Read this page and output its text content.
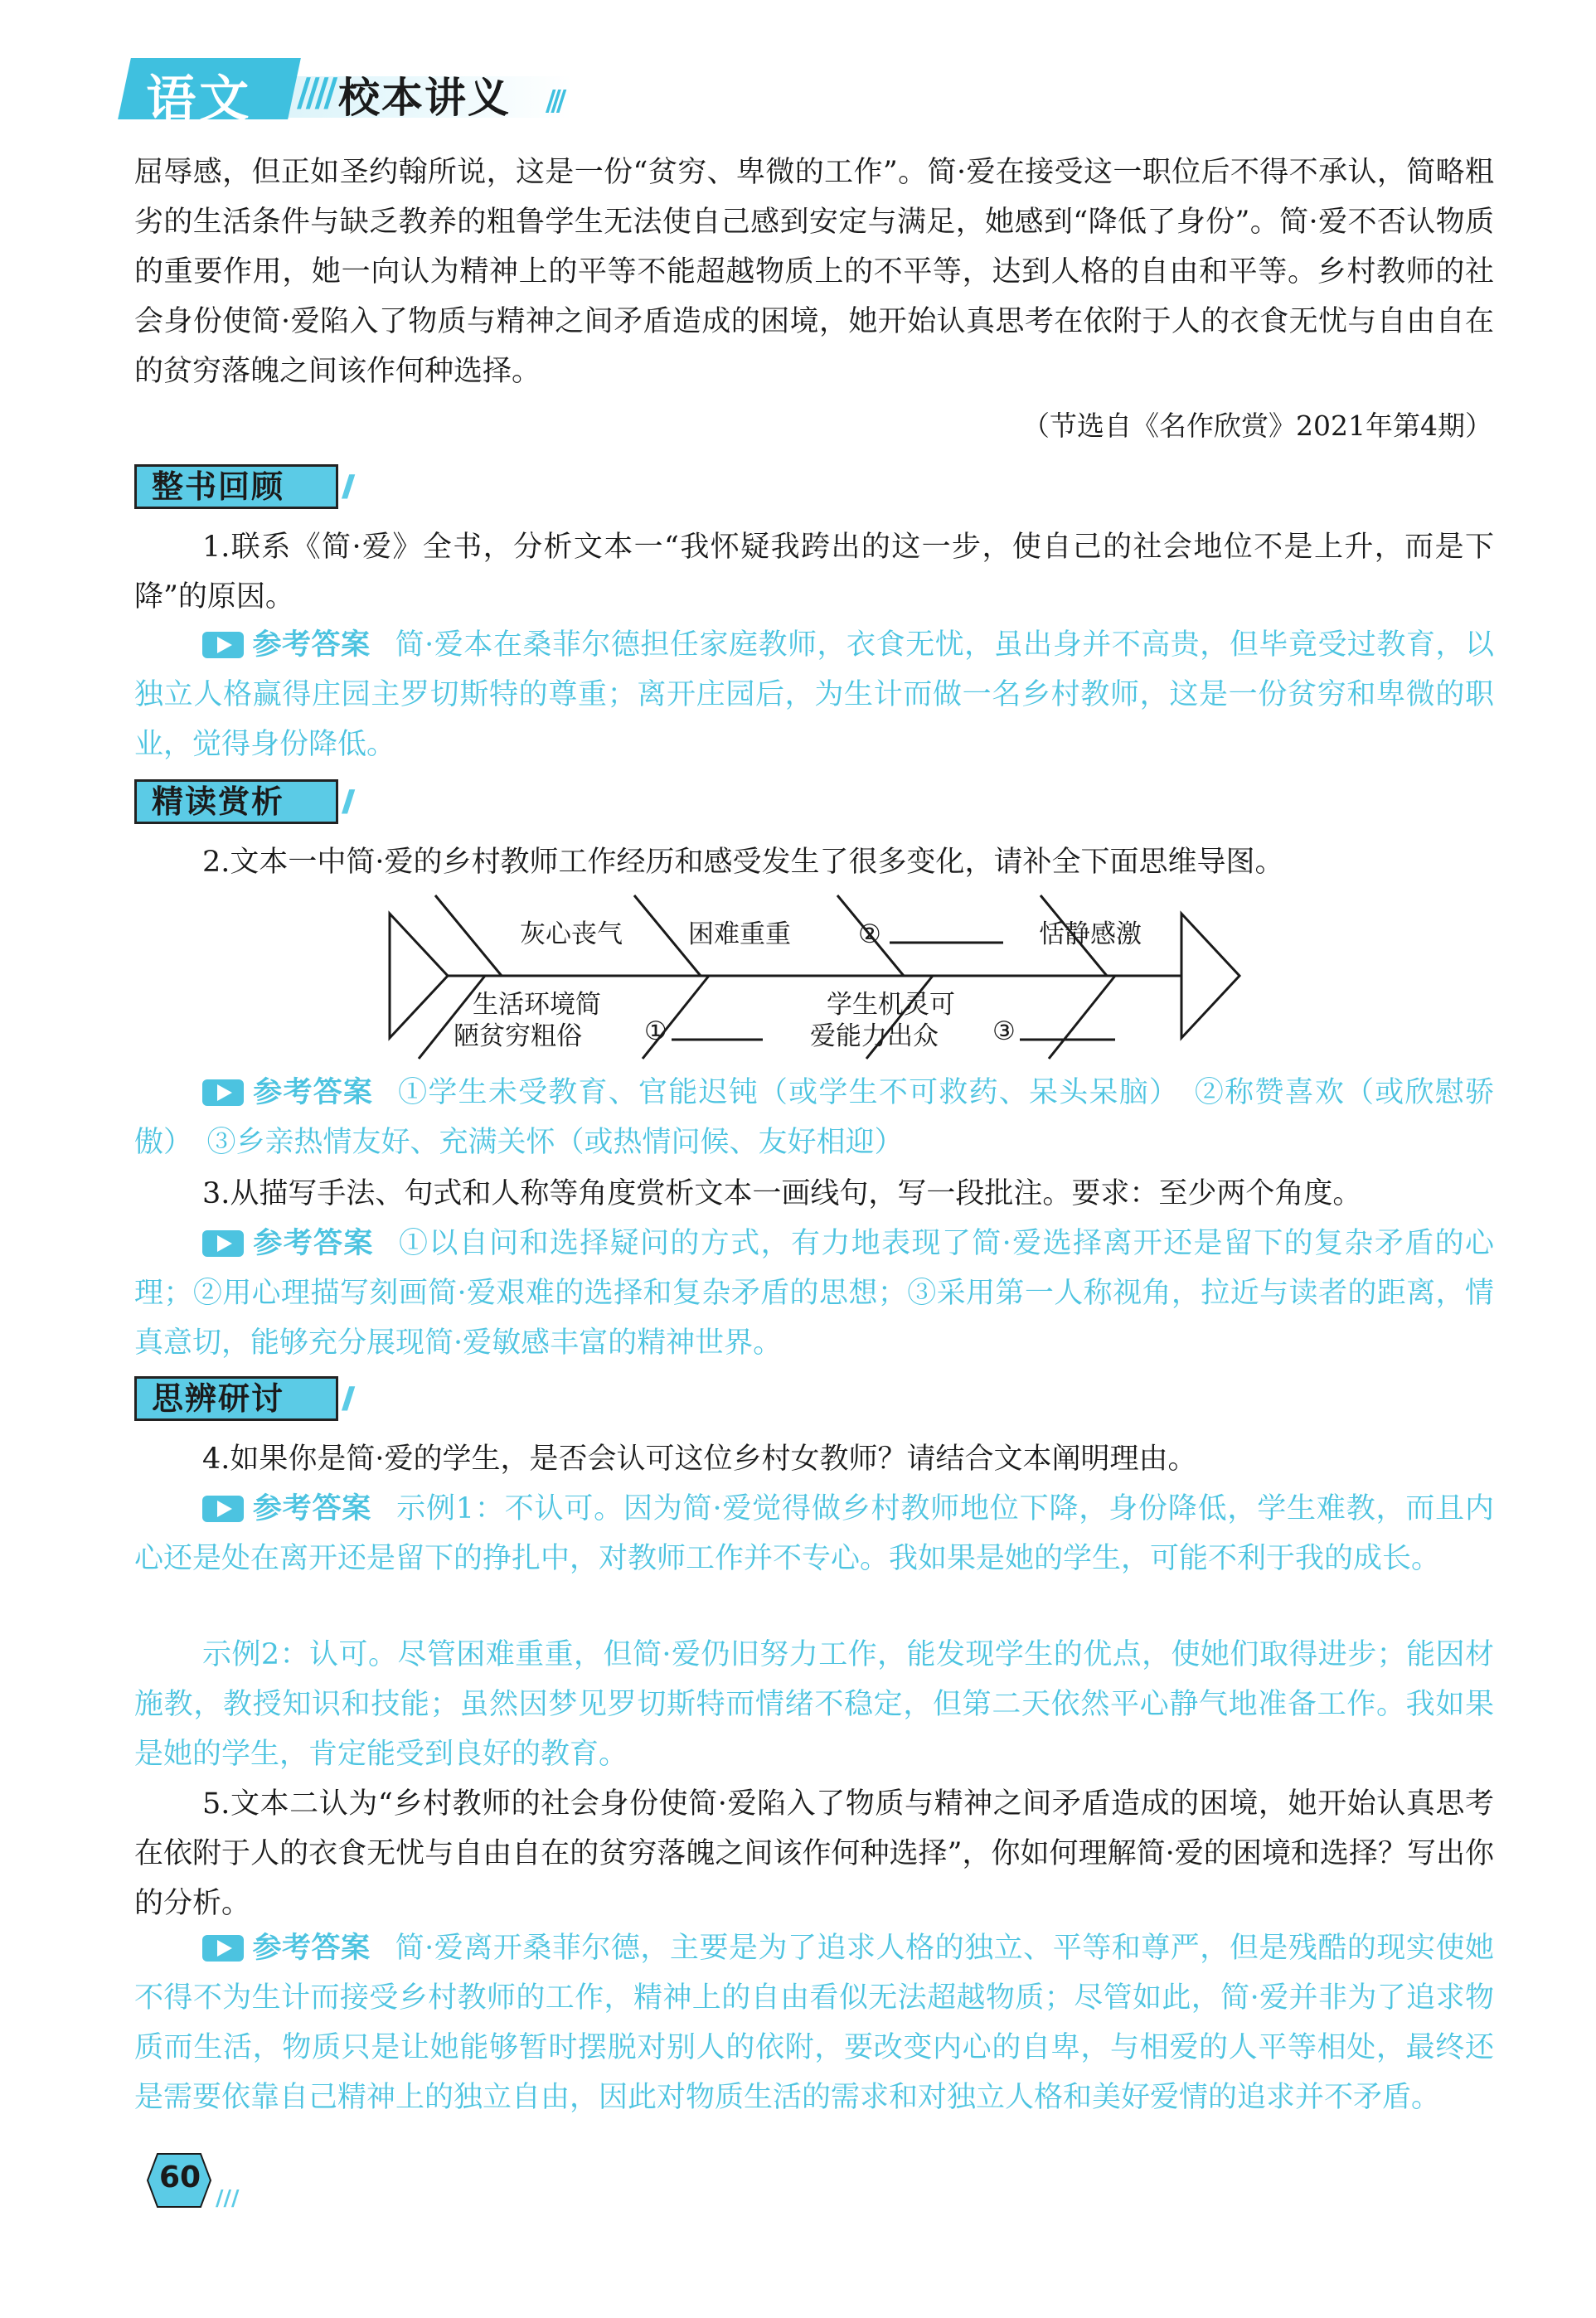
语文 //// 校本讲义 ///

屈辱感，但正如圣约翰所说，这是一份“贫穷、卑微的工作”。简·爱在接受这一职位后不得不承认，简略粗劣的生活条件与缺乏教养的粗鲁学生无法使自己感到安定与满足，她感到“降低了身份”。简·爱不否认物质的重要作用，她一向认为精神上的平等不能超越物质上的不平等，达到人格的自由和平等。乡村教师的社会身份使简·爱陷入了物质与精神之间矛盾造成的困境，她开始认真思考在依附于人的衣食无忧与自由自在的贫穷落魄之间该作何种选择。

（节选自《名作欣赏》2021年第4期）
整书回顾 //

1.联系《简·爱》全书，分析文本一“我怀疑我跨出的这一步，使自己的社会地位不是上升，而是下降”的原因。

参考答案 简·爱本在桑菲尔德担任家庭教师，衣食无忧，虽出身并不高贵，但毕竟受过教育，以独立人格赢得庄园主罗切斯特的尊重；离开庄园后，为生计而做一名乡村教师，这是一份贫穷和卑微的职业，觉得身份降低。

精读赏析 //

2.文本一中简·爱的乡村教师工作经历和感受发生了很多变化，请补全下面思维导图。

灰心丧气	困难重重	②	恬静感激
生活环境简
陋贫穷粗俗 ①
学生机灵可
爱能力出众 ③

参考答案 ①学生未受教育、官能迟钝（或学生不可救药、呆头呆脑）　②称赞喜欢（或欣慰骄傲）　③乡亲热情友好、充满关怀（或热情问候、友好相迎）

3.从描写手法、句式和人称等角度赏析文本一画线句，写一段批注。要求：至少两个角度。

参考答案 ①以自问和选择疑问的方式，有力地表现了简·爱选择离开还是留下的复杂矛盾的心理；②用心理描写刻画简·爱艰难的选择和复杂矛盾的思想；③采用第一人称视角，拉近与读者的距离，情真意切，能够充分展现简·爱敏感丰富的精神世界。

思辨研讨 //

4.如果你是简·爱的学生，是否会认可这位乡村女教师？请结合文本阐明理由。

参考答案 示例1：不认可。因为简·爱觉得做乡村教师地位下降，身份降低，学生难教，而且内心还是处在离开还是留下的挣扎中，对教师工作并不专心。我如果是她的学生，可能不利于我的成长。

示例2：认可。尽管困难重重，但简·爱仍旧努力工作，能发现学生的优点，使她们取得进步；能因材施教，教授知识和技能；虽然因梦见罗切斯特而情绪不稳定，但第二天依然平心静气地准备工作。我如果是她的学生，肯定能受到良好的教育。

5.文本二认为“乡村教师的社会身份使简·爱陷入了物质与精神之间矛盾造成的困境，她开始认真思考在依附于人的衣食无忧与自由自在的贫穷落魄之间该作何种选择”，你如何理解简·爱的困境和选择？写出你的分析。

参考答案 简·爱离开桑菲尔德，主要是为了追求人格的独立、平等和尊严，但是残酷的现实使她不得不为生计而接受乡村教师的工作，精神上的自由看似无法超越物质；尽管如此，简·爱并非为了追求物质而生活，物质只是让她能够暂时摆脱对别人的依附，要改变内心的自卑，与相爱的人平等相处，最终还是需要依靠自己精神上的独立自由，因此对物质生活的需求和对独立人格和美好爱情的追求并不矛盾。

///
60
